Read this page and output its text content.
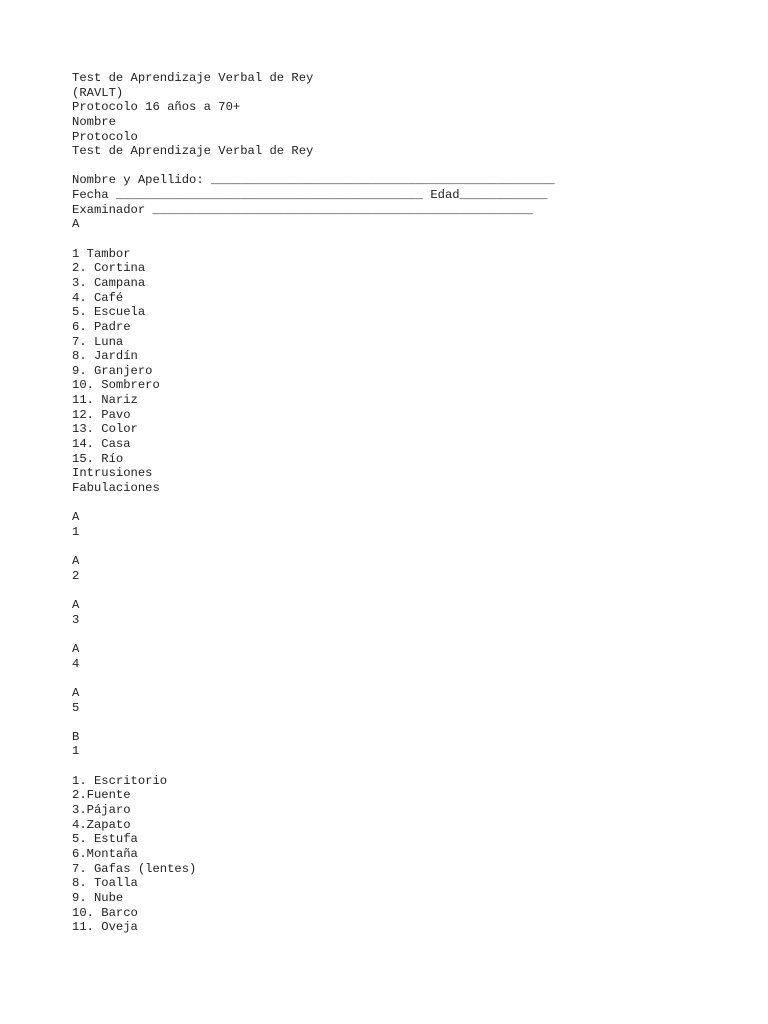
Test de Aprendizaje Verbal de Rey
(RAVLT)
Protocolo 16 años a 70+
Nombre
Protocolo
Test de Aprendizaje Verbal de Rey
Nombre y Apellido: _______________________________________________
Fecha __________________________________________ Edad____________
Examinador ____________________________________________________
A
1 Tambor
2. Cortina
3. Campana
4. Café
5. Escuela
6. Padre
7. Luna
8. Jardín
9. Granjero
10. Sombrero
11. Nariz
12. Pavo
13. Color
14. Casa
15. Río
Intrusiones
Fabulaciones
A
1
A
2
A
3
A
4
A
5
B
1
1. Escritorio
2.Fuente
3.Pájaro
4.Zapato
5. Estufa
6.Montaña
7. Gafas (lentes)
8. Toalla
9. Nube
10. Barco
11. Oveja
